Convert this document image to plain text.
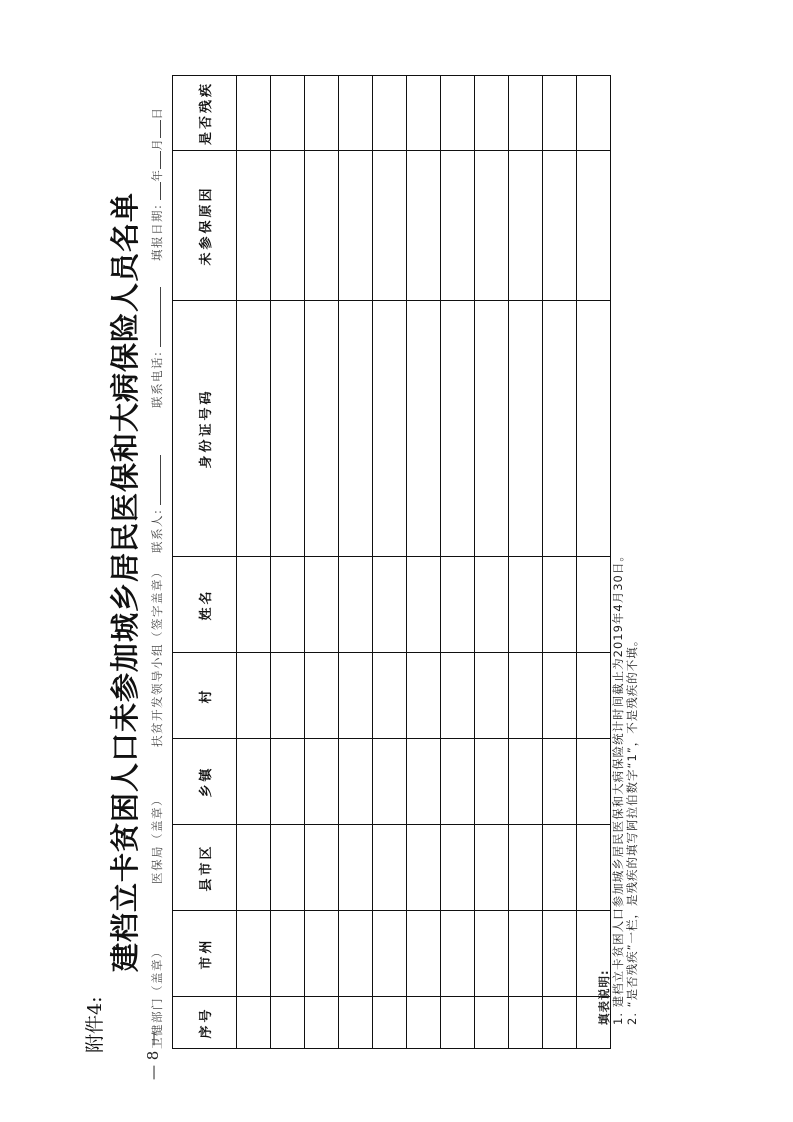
附件4:
— 8 —
建档立卡贫困人口未参加城乡居民医保和大病保险人员名单
卫健部门（盖章）
医保局（盖章）
扶贫开发领导小组（签字盖章）
联系人:
联系电话:
填报日期:年月日
序号	市州	县市区	乡镇	村	姓名	身份证号码	未参保原因	是否残疾

填表说明: 1. 建档立卡贫困人口参加城乡居民医保和大病保险统计时间截止为2019年4月30日。 2. “是否残疾”一栏，是残疾的填写阿拉伯数字“1”，不是残疾的不填。
